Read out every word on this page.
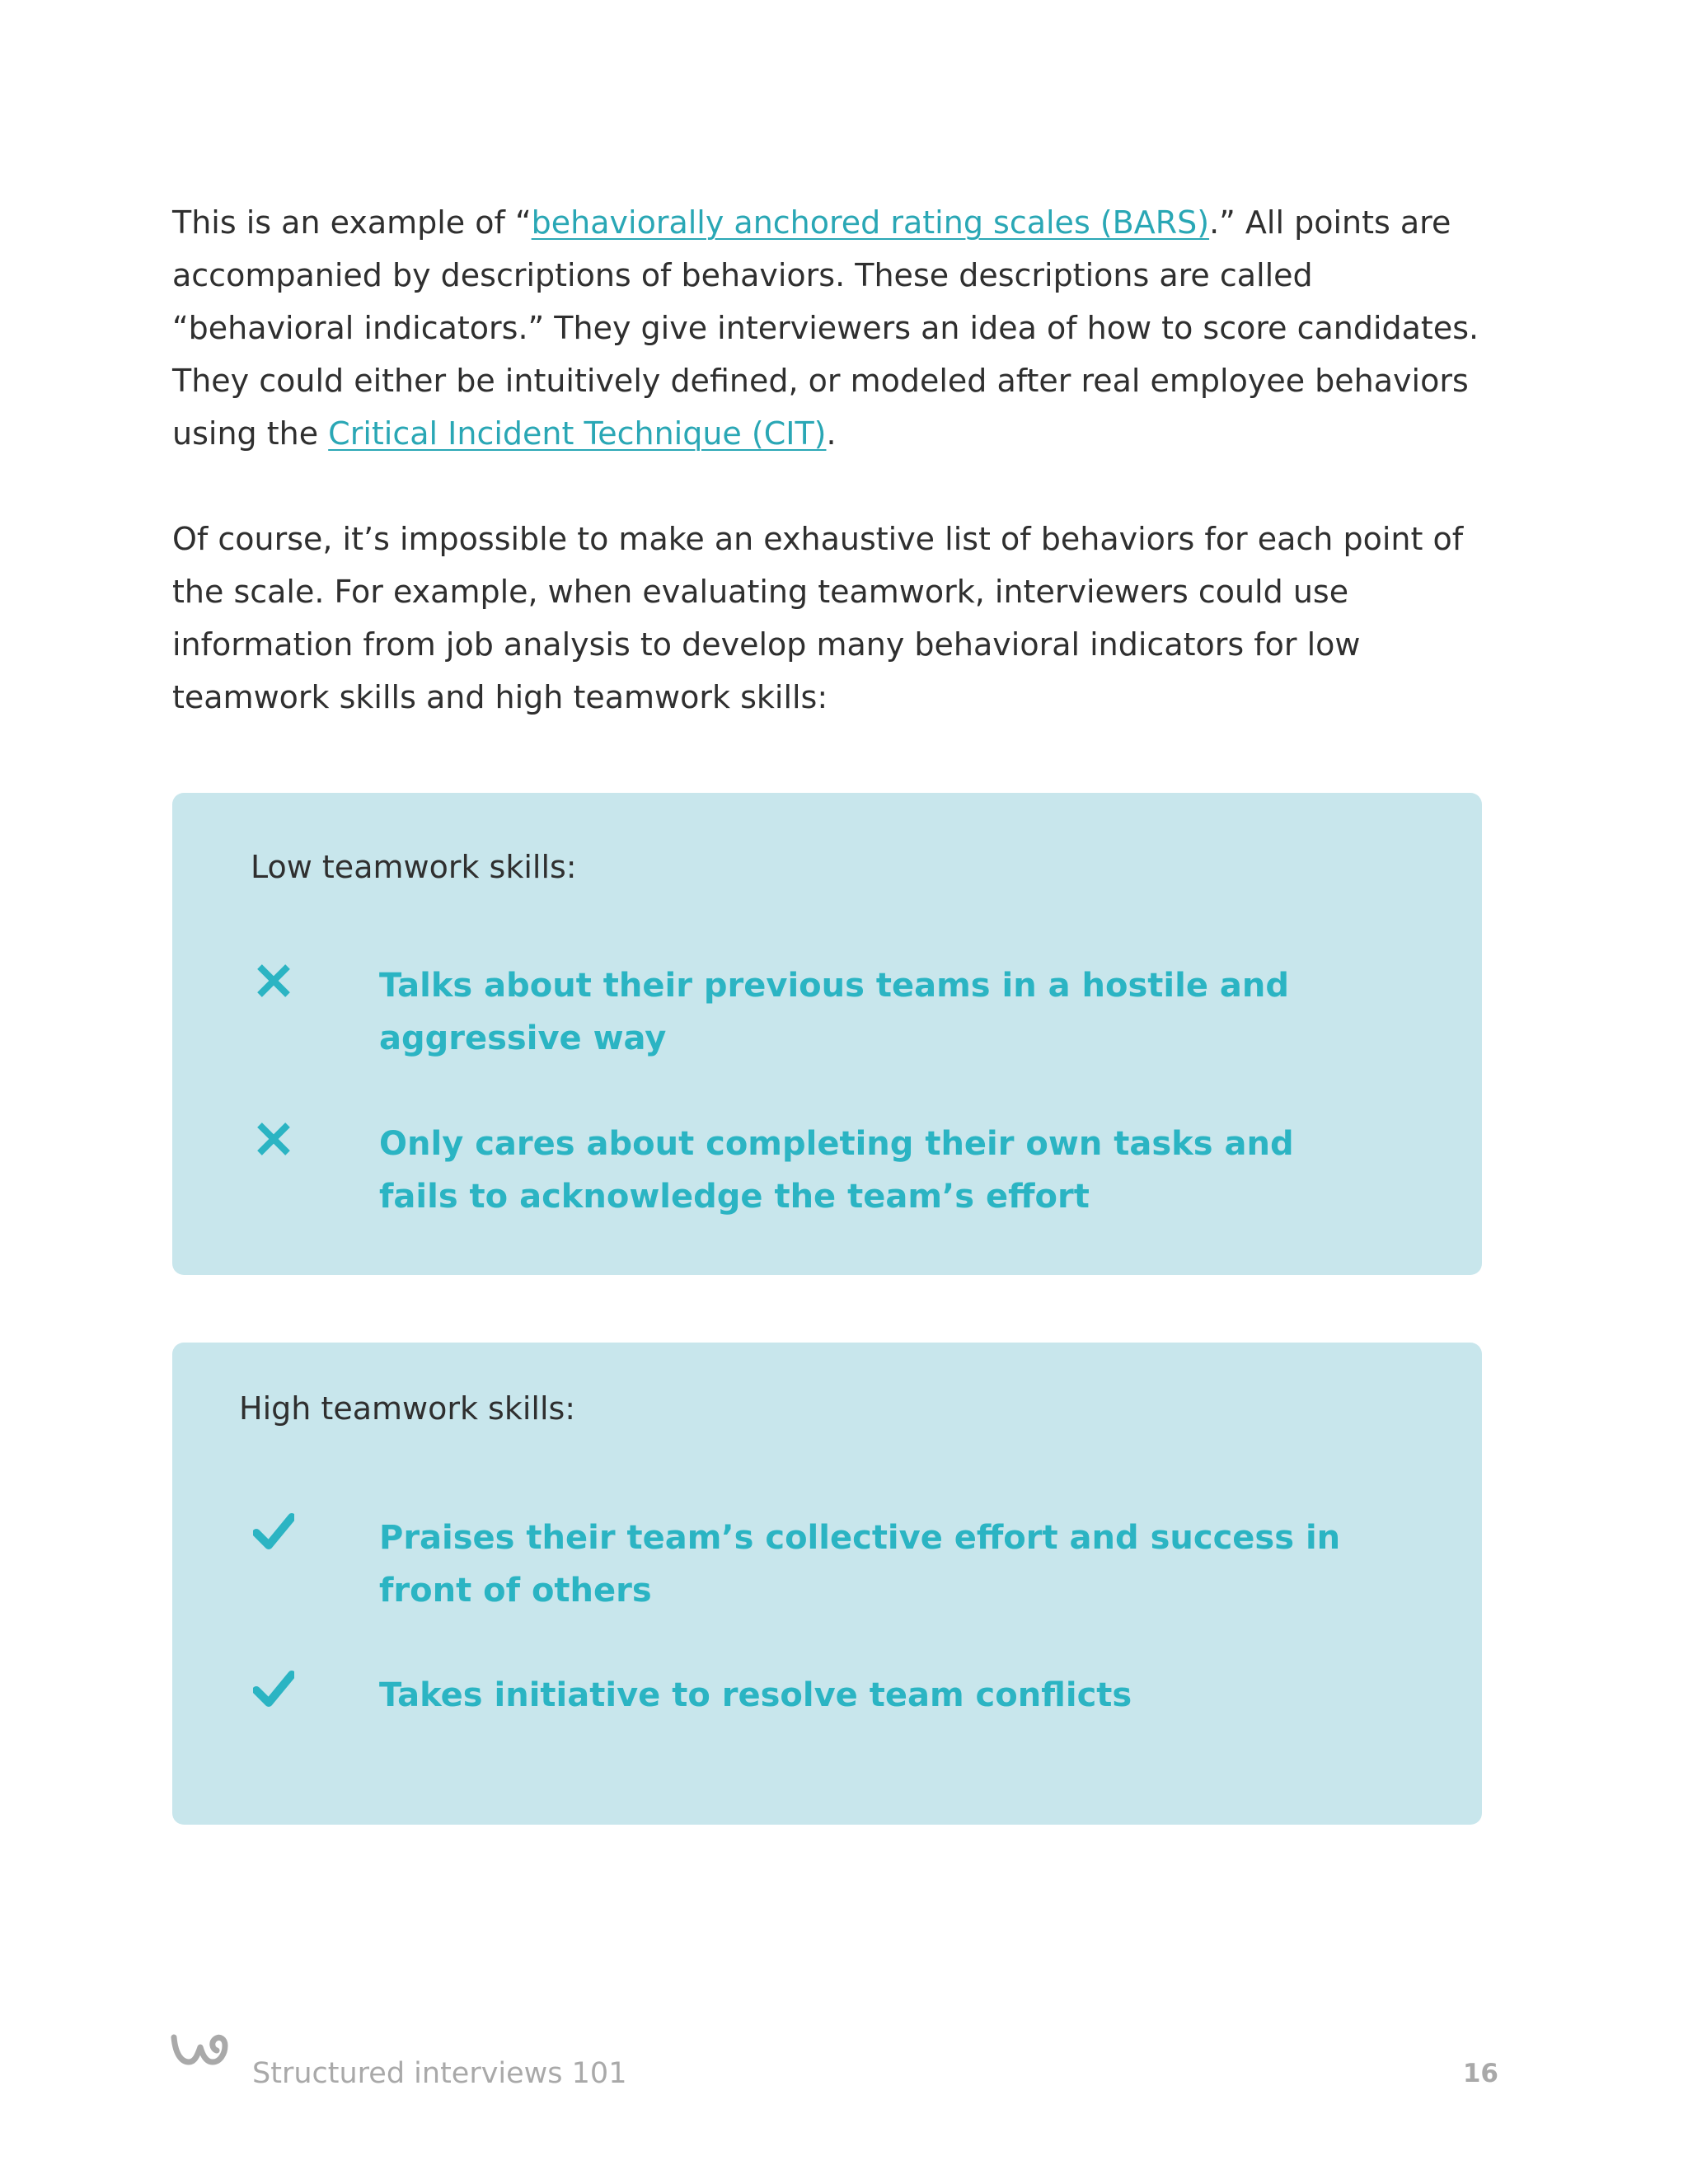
This is an example of “behaviorally anchored rating scales (BARS).” All points are accompanied by descriptions of behaviors. These descriptions are called “behavioral indicators.” They give interviewers an idea of how to score candidates. They could either be intuitively defined, or modeled after real employee behaviors using the Critical Incident Technique (CIT).

Of course, it’s impossible to make an exhaustive list of behaviors for each point of the scale. For example, when evaluating teamwork, interviewers could use information from job analysis to develop many behavioral indicators for low teamwork skills and high teamwork skills:

Low teamwork skills:
Talks about their previous teams in a hostile and aggressive way
Only cares about completing their own tasks and fails to acknowledge the team’s effort
High teamwork skills:
Praises their team’s collective effort and success in front of others
Takes initiative to resolve team conflicts
Structured interviews 101	16
